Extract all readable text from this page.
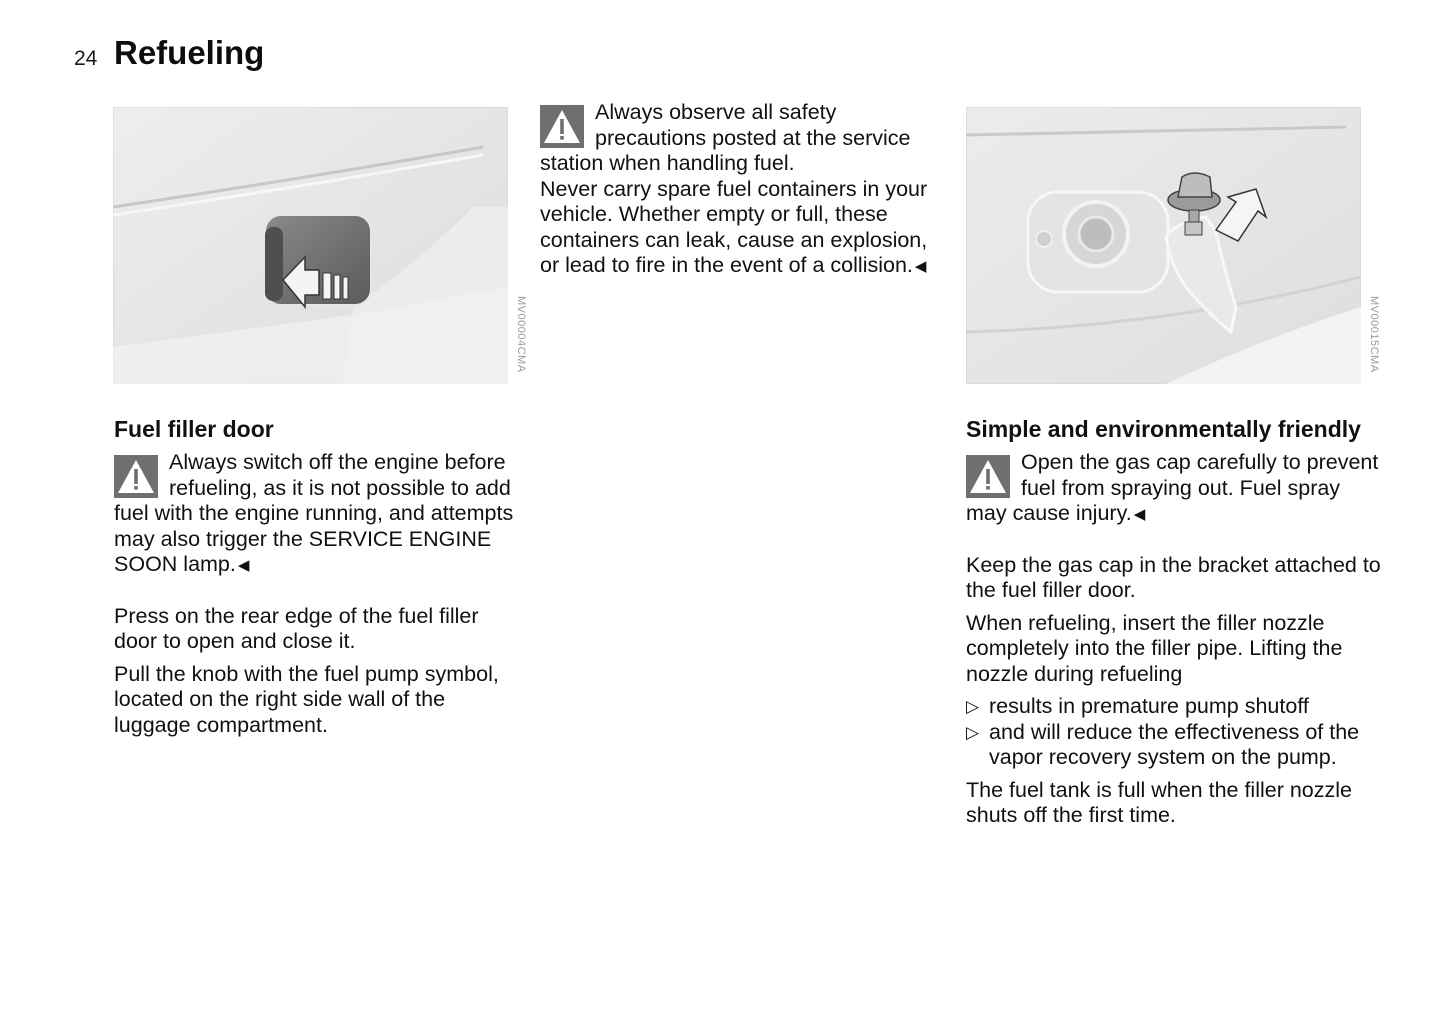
24 Refueling
MV00004CMA	MV00015CMA
Always observe all safety precautions posted at the service station when handling fuel.
Never carry spare fuel containers in your vehicle. Whether empty or full, these containers can leak, cause an explosion, or lead to fire in the event of a collision. ◀
Fuel filler door
Always switch off the engine before refueling, as it is not possible to add fuel with the engine running, and attempts may also trigger the SERVICE ENGINE SOON lamp. ◀

Press on the rear edge of the fuel filler door to open and close it.

Pull the knob with the fuel pump symbol, located on the right side wall of the luggage compartment.

Simple and environmentally friendly
Open the gas cap carefully to prevent fuel from spraying out. Fuel spray may cause injury. ◀

Keep the gas cap in the bracket attached to the fuel filler door.

When refueling, insert the filler nozzle completely into the filler pipe. Lifting the nozzle during refueling

▷ results in premature pump shutoff
▷ and will reduce the effectiveness of the vapor recovery system on the pump.

The fuel tank is full when the filler nozzle shuts off the first time.
